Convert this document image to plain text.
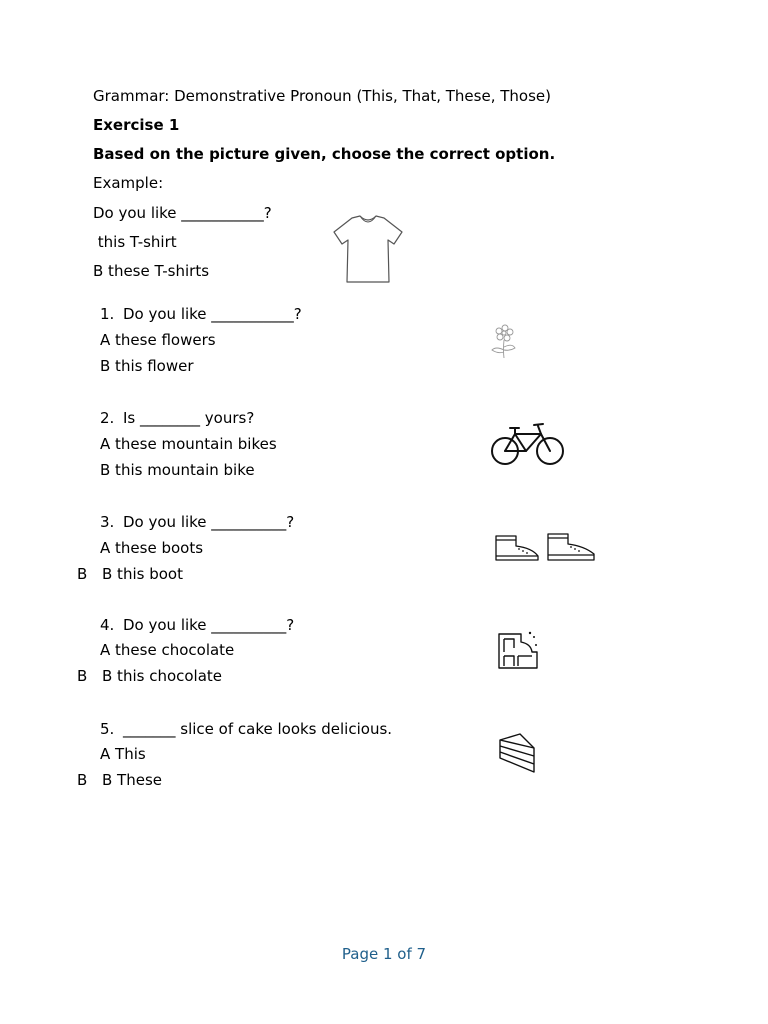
Grammar: Demonstrative Pronoun (This, That, These, Those)
Exercise 1
Based on the picture given, choose the correct option.
Example:
Do you like ___________?
this T-shirt
B these T-shirts
1. Do you like ___________?
A these flowers
B this flower
2. Is ________ yours?
A these mountain bikes
B this mountain bike
3. Do you like __________?
A these boots
B B this boot
4. Do you like __________?
A these chocolate
B B this chocolate
5. _______ slice of cake looks delicious.
A This
B B These
Page 1 of 7
